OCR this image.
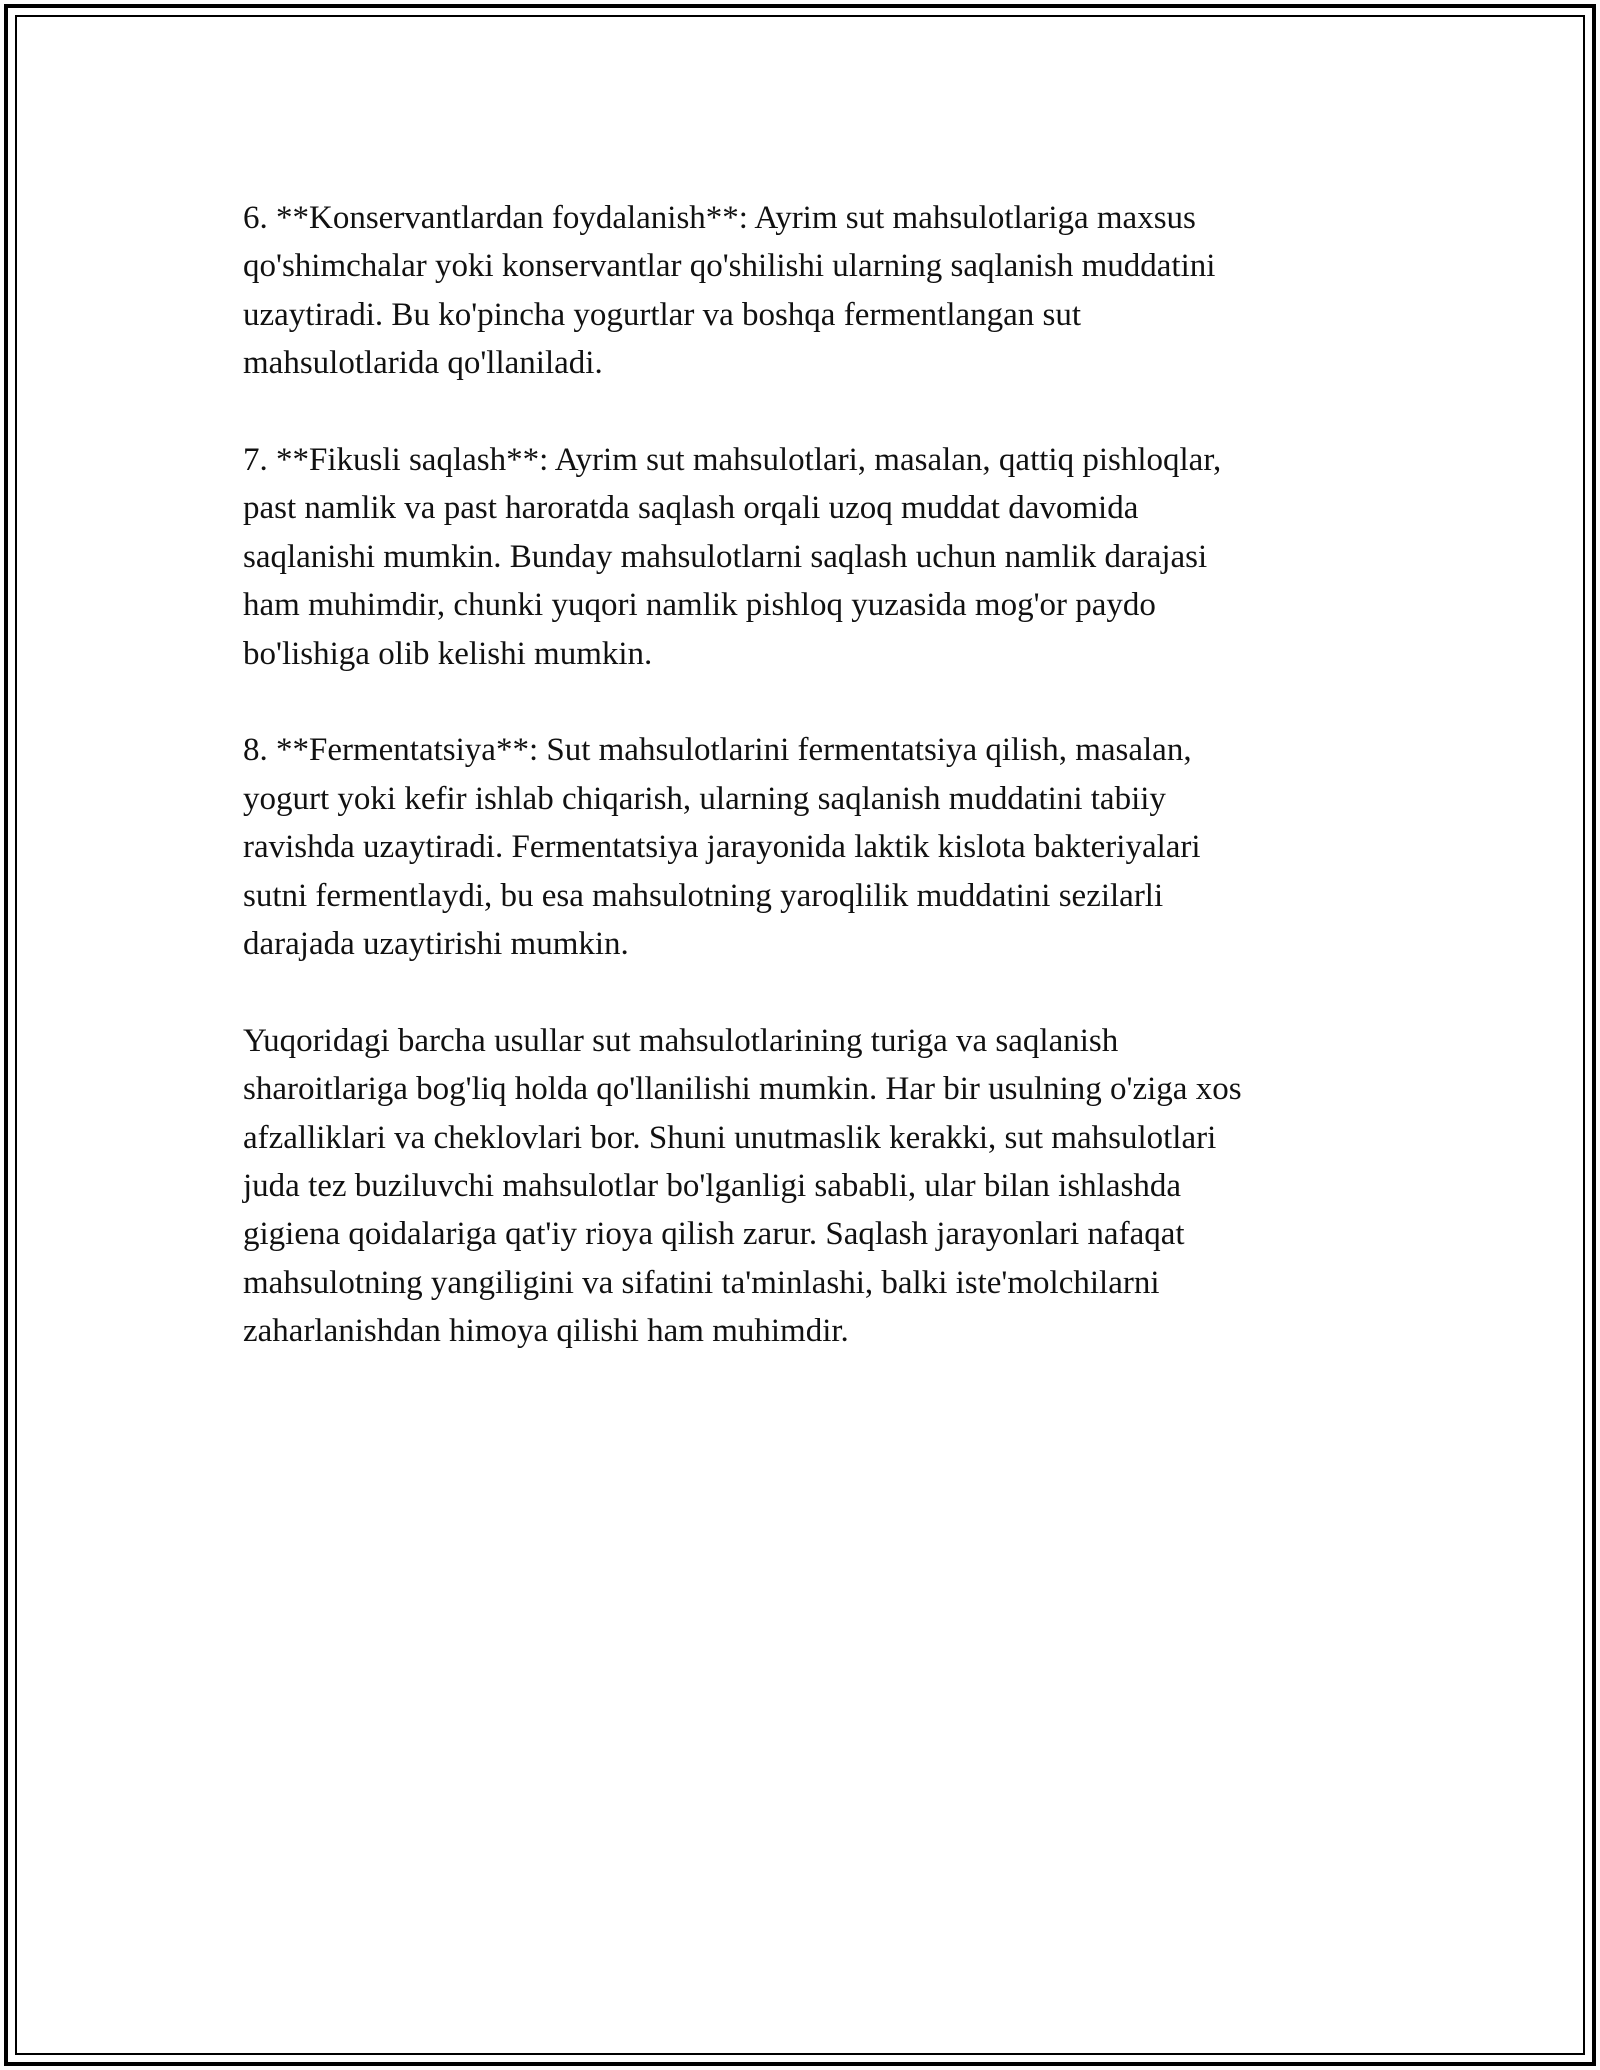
6. **Konservantlardan foydalanish**: Ayrim sut mahsulotlariga maxsus
qo'shimchalar yoki konservantlar qo'shilishi ularning saqlanish muddatini
uzaytiradi. Bu ko'pincha yogurtlar va boshqa fermentlangan sut
mahsulotlarida qo'llaniladi.

7. **Fikusli saqlash**: Ayrim sut mahsulotlari, masalan, qattiq pishloqlar,
past namlik va past haroratda saqlash orqali uzoq muddat davomida
saqlanishi mumkin. Bunday mahsulotlarni saqlash uchun namlik darajasi
ham muhimdir, chunki yuqori namlik pishloq yuzasida mog'or paydo
bo'lishiga olib kelishi mumkin.

8. **Fermentatsiya**: Sut mahsulotlarini fermentatsiya qilish, masalan,
yogurt yoki kefir ishlab chiqarish, ularning saqlanish muddatini tabiiy
ravishda uzaytiradi. Fermentatsiya jarayonida laktik kislota bakteriyalari
sutni fermentlaydi, bu esa mahsulotning yaroqlilik muddatini sezilarli
darajada uzaytirishi mumkin.

Yuqoridagi barcha usullar sut mahsulotlarining turiga va saqlanish
sharoitlariga bog'liq holda qo'llanilishi mumkin. Har bir usulning o'ziga xos
afzalliklari va cheklovlari bor. Shuni unutmaslik kerakki, sut mahsulotlari
juda tez buziluvchi mahsulotlar bo'lganligi sababli, ular bilan ishlashda
gigiena qoidalariga qat'iy rioya qilish zarur. Saqlash jarayonlari nafaqat
mahsulotning yangiligini va sifatini ta'minlashi, balki iste'molchilarni
zaharlanishdan himoya qilishi ham muhimdir.
